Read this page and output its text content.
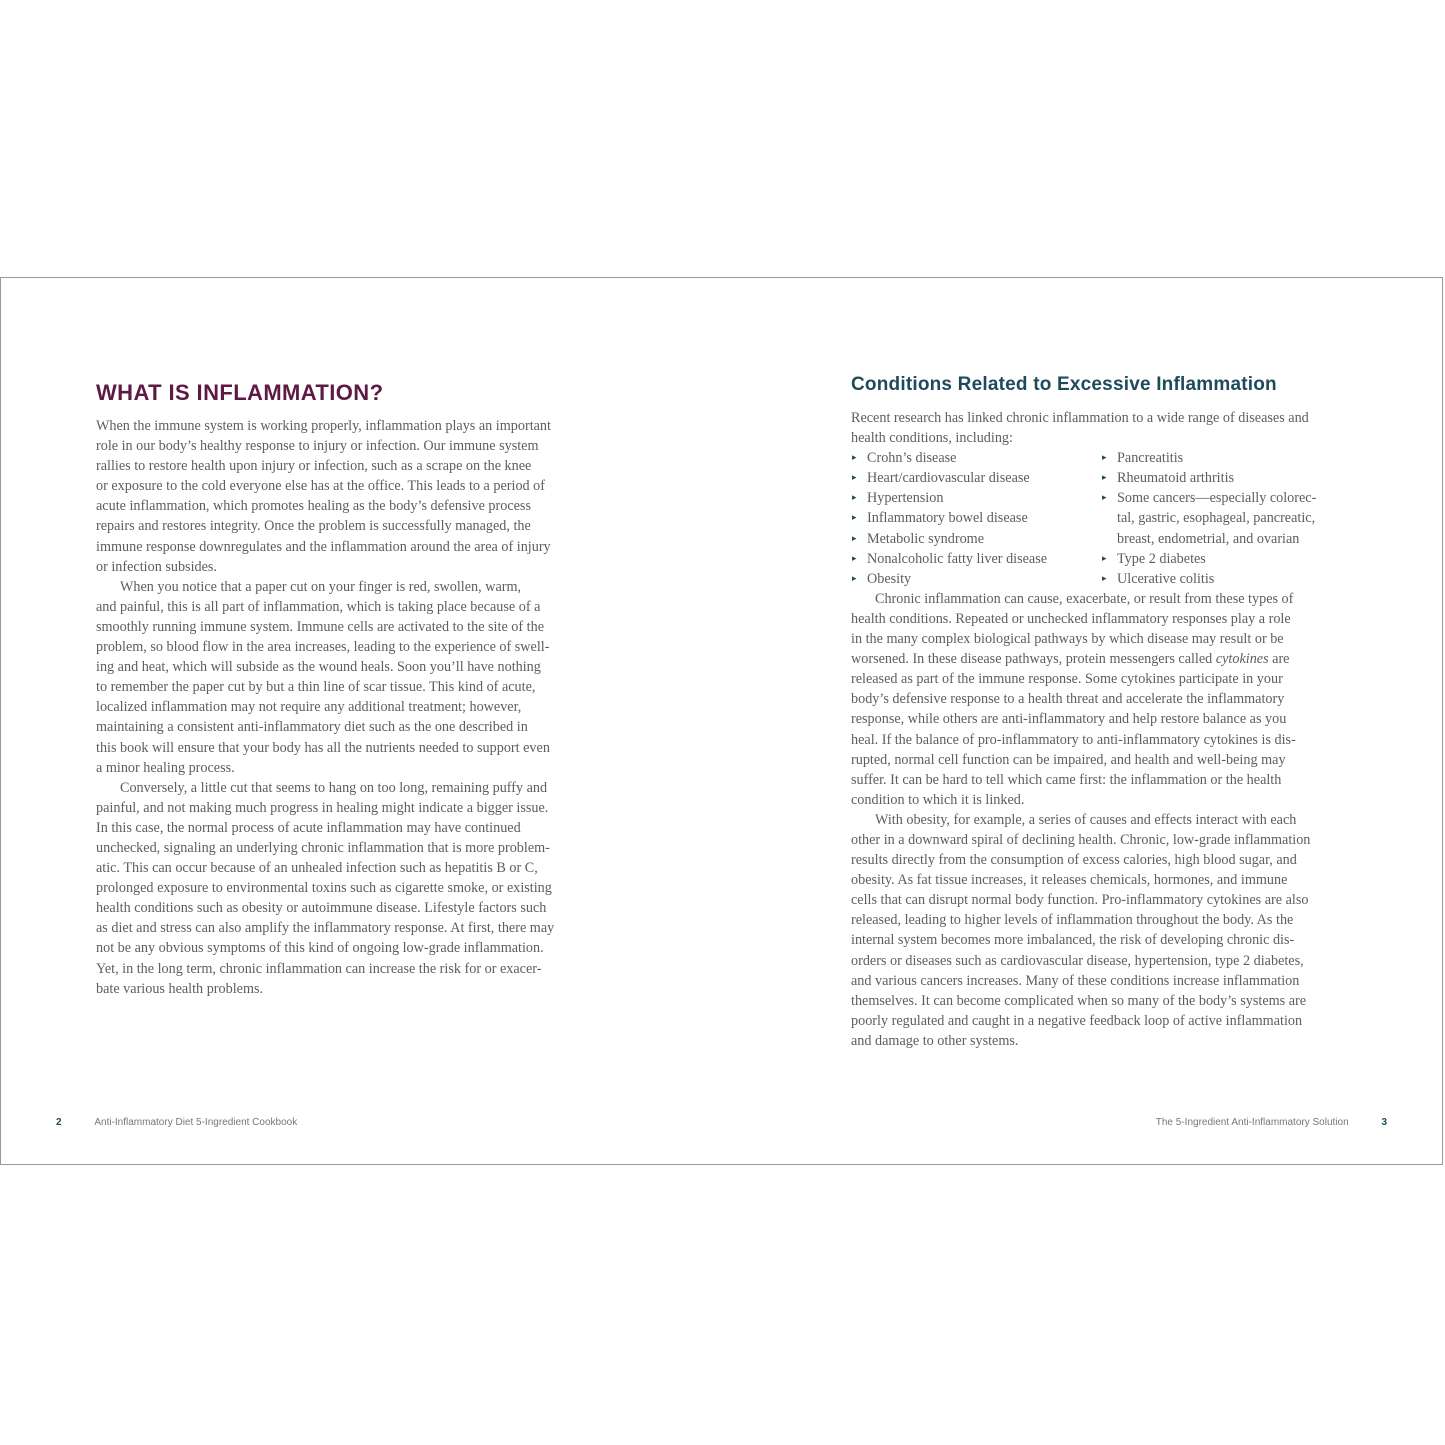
WHAT IS INFLAMMATION?

When the immune system is working properly, inflammation plays an important
role in our body’s healthy response to injury or infection. Our immune system
rallies to restore health upon injury or infection, such as a scrape on the knee
or exposure to the cold everyone else has at the office. This leads to a period of
acute inflammation, which promotes healing as the body’s defensive process
repairs and restores integrity. Once the problem is successfully managed, the
immune response downregulates and the inflammation around the area of injury
or infection subsides.

When you notice that a paper cut on your finger is red, swollen, warm,
and painful, this is all part of inflammation, which is taking place because of a
smoothly running immune system. Immune cells are activated to the site of the
problem, so blood flow in the area increases, leading to the experience of swell-
ing and heat, which will subside as the wound heals. Soon you’ll have nothing
to remember the paper cut by but a thin line of scar tissue. This kind of acute,
localized inflammation may not require any additional treatment; however,
maintaining a consistent anti-inflammatory diet such as the one described in
this book will ensure that your body has all the nutrients needed to support even
a minor healing process.

Conversely, a little cut that seems to hang on too long, remaining puffy and
painful, and not making much progress in healing might indicate a bigger issue.
In this case, the normal process of acute inflammation may have continued
unchecked, signaling an underlying chronic inflammation that is more problem-
atic. This can occur because of an unhealed infection such as hepatitis B or C,
prolonged exposure to environmental toxins such as cigarette smoke, or existing
health conditions such as obesity or autoimmune disease. Lifestyle factors such
as diet and stress can also amplify the inflammatory response. At first, there may
not be any obvious symptoms of this kind of ongoing low-grade inflammation.
Yet, in the long term, chronic inflammation can increase the risk for or exacer-
bate various health problems.

Conditions Related to Excessive Inflammation

Recent research has linked chronic inflammation to a wide range of diseases and
health conditions, including:

▸ Crohn’s disease
▸ Heart/cardiovascular disease
▸ Hypertension
▸ Inflammatory bowel disease
▸ Metabolic syndrome
▸ Nonalcoholic fatty liver disease
▸ Obesity
▸ Pancreatitis
▸ Rheumatoid arthritis
▸ Some cancers—especially colorec-
tal, gastric, esophageal, pancreatic,
breast, endometrial, and ovarian
▸ Type 2 diabetes
▸ Ulcerative colitis

Chronic inflammation can cause, exacerbate, or result from these types of
health conditions. Repeated or unchecked inflammatory responses play a role
in the many complex biological pathways by which disease may result or be
worsened. In these disease pathways, protein messengers called cytokines are
released as part of the immune response. Some cytokines participate in your
body’s defensive response to a health threat and accelerate the inflammatory
response, while others are anti-inflammatory and help restore balance as you
heal. If the balance of pro-inflammatory to anti-inflammatory cytokines is dis-
rupted, normal cell function can be impaired, and health and well-being may
suffer. It can be hard to tell which came first: the inflammation or the health
condition to which it is linked.

With obesity, for example, a series of causes and effects interact with each
other in a downward spiral of declining health. Chronic, low-grade inflammation
results directly from the consumption of excess calories, high blood sugar, and
obesity. As fat tissue increases, it releases chemicals, hormones, and immune
cells that can disrupt normal body function. Pro-inflammatory cytokines are also
released, leading to higher levels of inflammation throughout the body. As the
internal system becomes more imbalanced, the risk of developing chronic dis-
orders or diseases such as cardiovascular disease, hypertension, type 2 diabetes,
and various cancers increases. Many of these conditions increase inflammation
themselves. It can become complicated when so many of the body’s systems are
poorly regulated and caught in a negative feedback loop of active inflammation
and damage to other systems.

2	Anti-Inflammatory Diet 5-Ingredient Cookbook	The 5-Ingredient Anti-Inflammatory Solution	3
